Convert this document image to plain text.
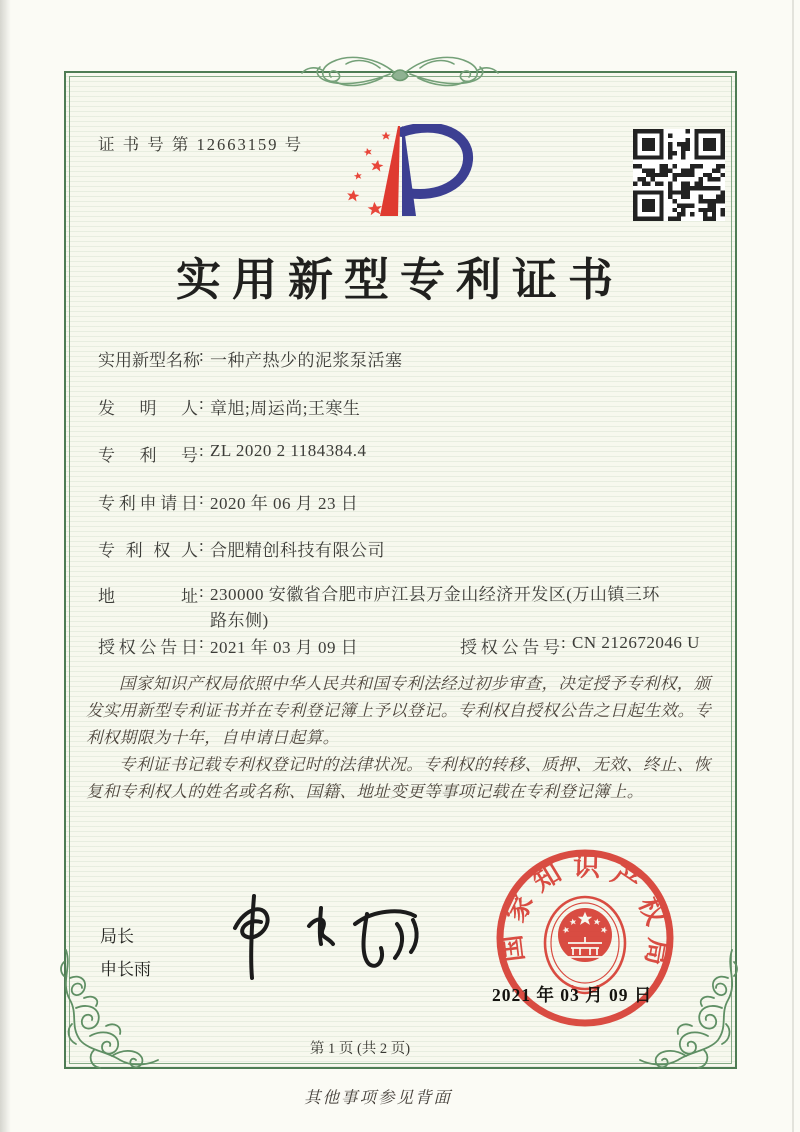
证 书 号 第 12663159 号
实用新型专利证书
实用新型名称: 一种产热少的泥浆泵活塞
发明人: 章旭;周运尚;王寒生
专利号: ZL 2020 2 1184384.4
专利申请日: 2020 年 06 月 23 日
专利权人: 合肥精创科技有限公司
地址: 230000 安徽省合肥市庐江县万金山经济开发区(万山镇三环路东侧)
授权公告日: 2021 年 03 月 09 日	授权公告号: CN 212672046 U

国家知识产权局依照中华人民共和国专利法经过初步审查，决定授予专利权，颁发实用新型专利证书并在专利登记簿上予以登记。专利权自授权公告之日起生效。专利权期限为十年，自申请日起算。

专利证书记载专利权登记时的法律状况。专利权的转移、质押、无效、终止、恢复和专利权人的姓名或名称、国籍、地址变更等事项记载在专利登记簿上。

局长
申长雨
国家知识产权局
2021 年 03 月 09 日
第 1 页 (共 2 页)
其他事项参见背面
